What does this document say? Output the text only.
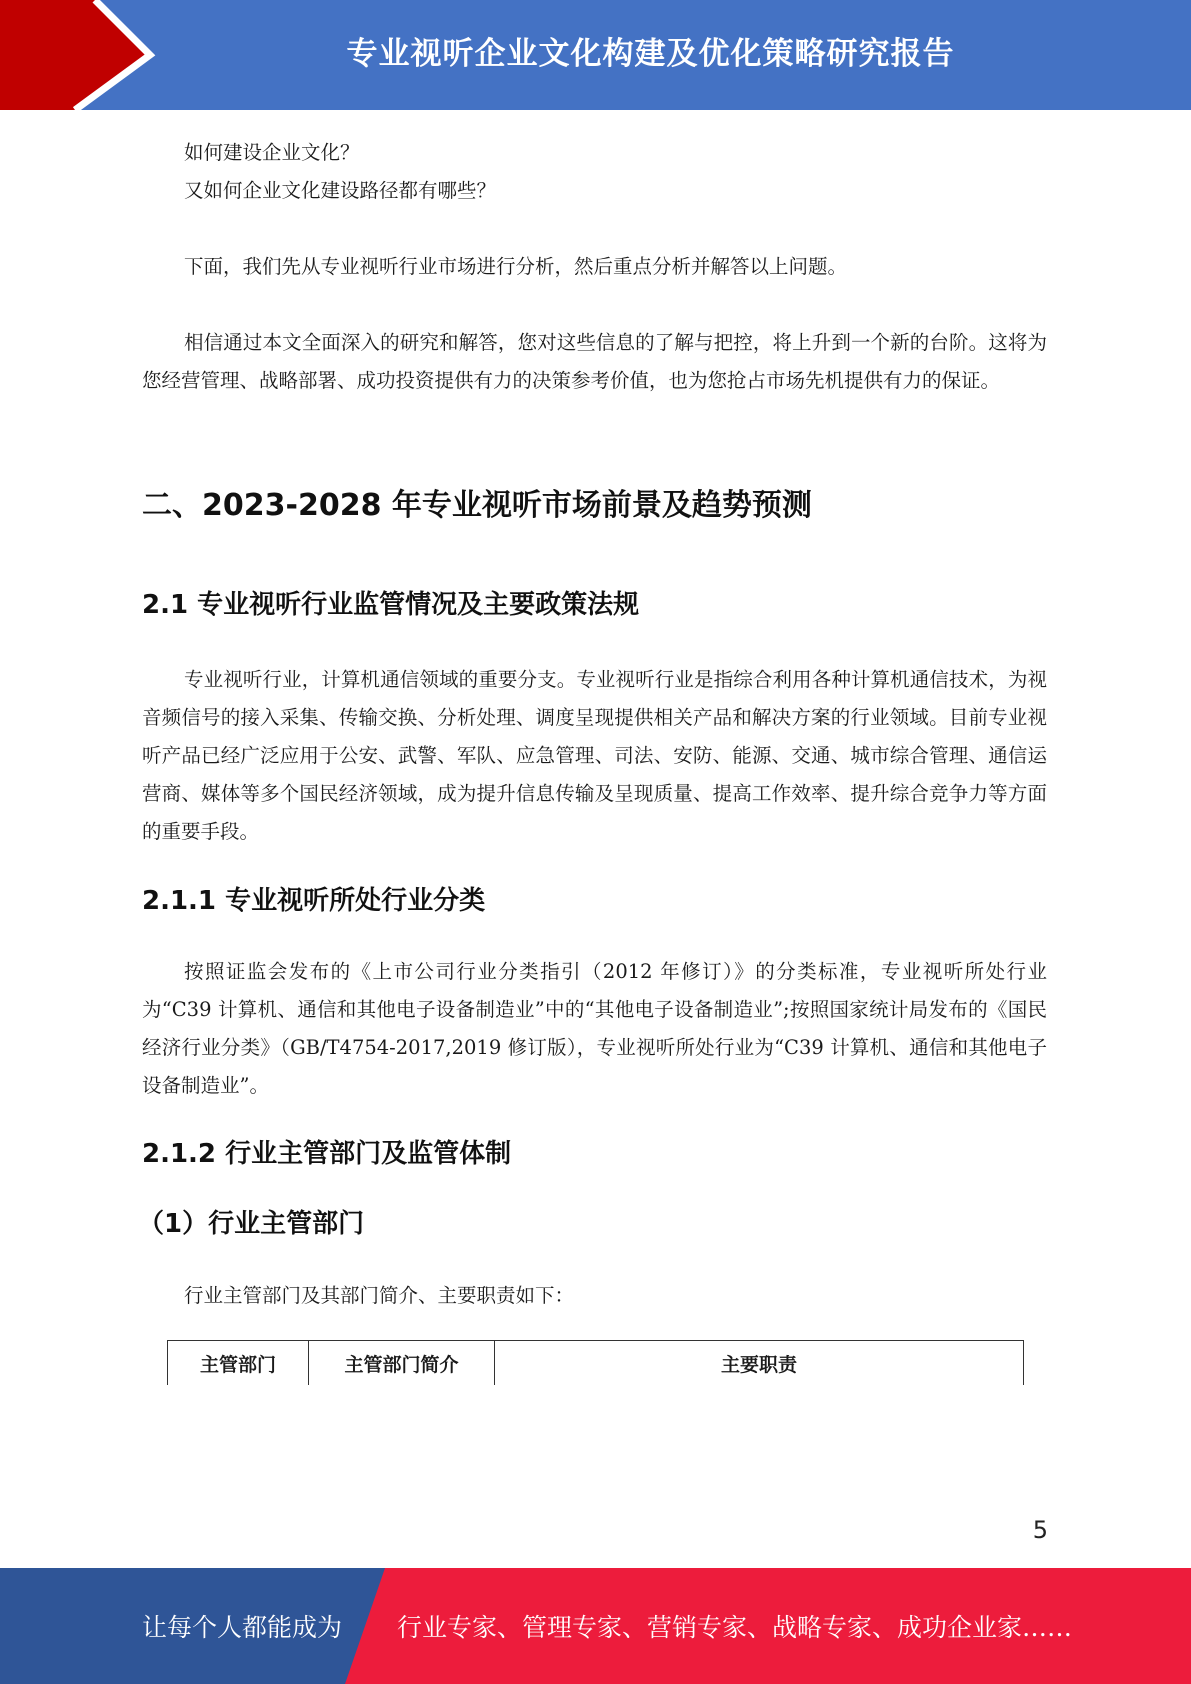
专业视听企业文化构建及优化策略研究报告

如何建设企业文化？

又如何企业文化建设路径都有哪些？

下面，我们先从专业视听行业市场进行分析，然后重点分析并解答以上问题。

相信通过本文全面深入的研究和解答，您对这些信息的了解与把控，将上升到一个新的台阶。这将为您经营管理、战略部署、成功投资提供有力的决策参考价值，也为您抢占市场先机提供有力的保证。

二、2023-2028 年专业视听市场前景及趋势预测
2.1 专业视听行业监管情况及主要政策法规

专业视听行业，计算机通信领域的重要分支。专业视听行业是指综合利用各种计算机通信技术，为视音频信号的接入采集、传输交换、分析处理、调度呈现提供相关产品和解决方案的行业领域。目前专业视听产品已经广泛应用于公安、武警、军队、应急管理、司法、安防、能源、交通、城市综合管理、通信运营商、媒体等多个国民经济领域，成为提升信息传输及呈现质量、提高工作效率、提升综合竞争力等方面的重要手段。

2.1.1 专业视听所处行业分类

按照证监会发布的《上市公司行业分类指引（2012 年修订）》的分类标准，专业视听所处行业为“C39 计算机、通信和其他电子设备制造业”中的“其他电子设备制造业”;按照国家统计局发布的《国民经济行业分类》（GB/T4754-2017,2019 修订版），专业视听所处行业为“C39 计算机、通信和其他电子设备制造业”。

2.1.2 行业主管部门及监管体制
（1）行业主管部门

行业主管部门及其部门简介、主要职责如下：

主管部门	主管部门简介	主要职责
5
让每个人都能成为 行业专家、管理专家、营销专家、战略专家、成功企业家……
